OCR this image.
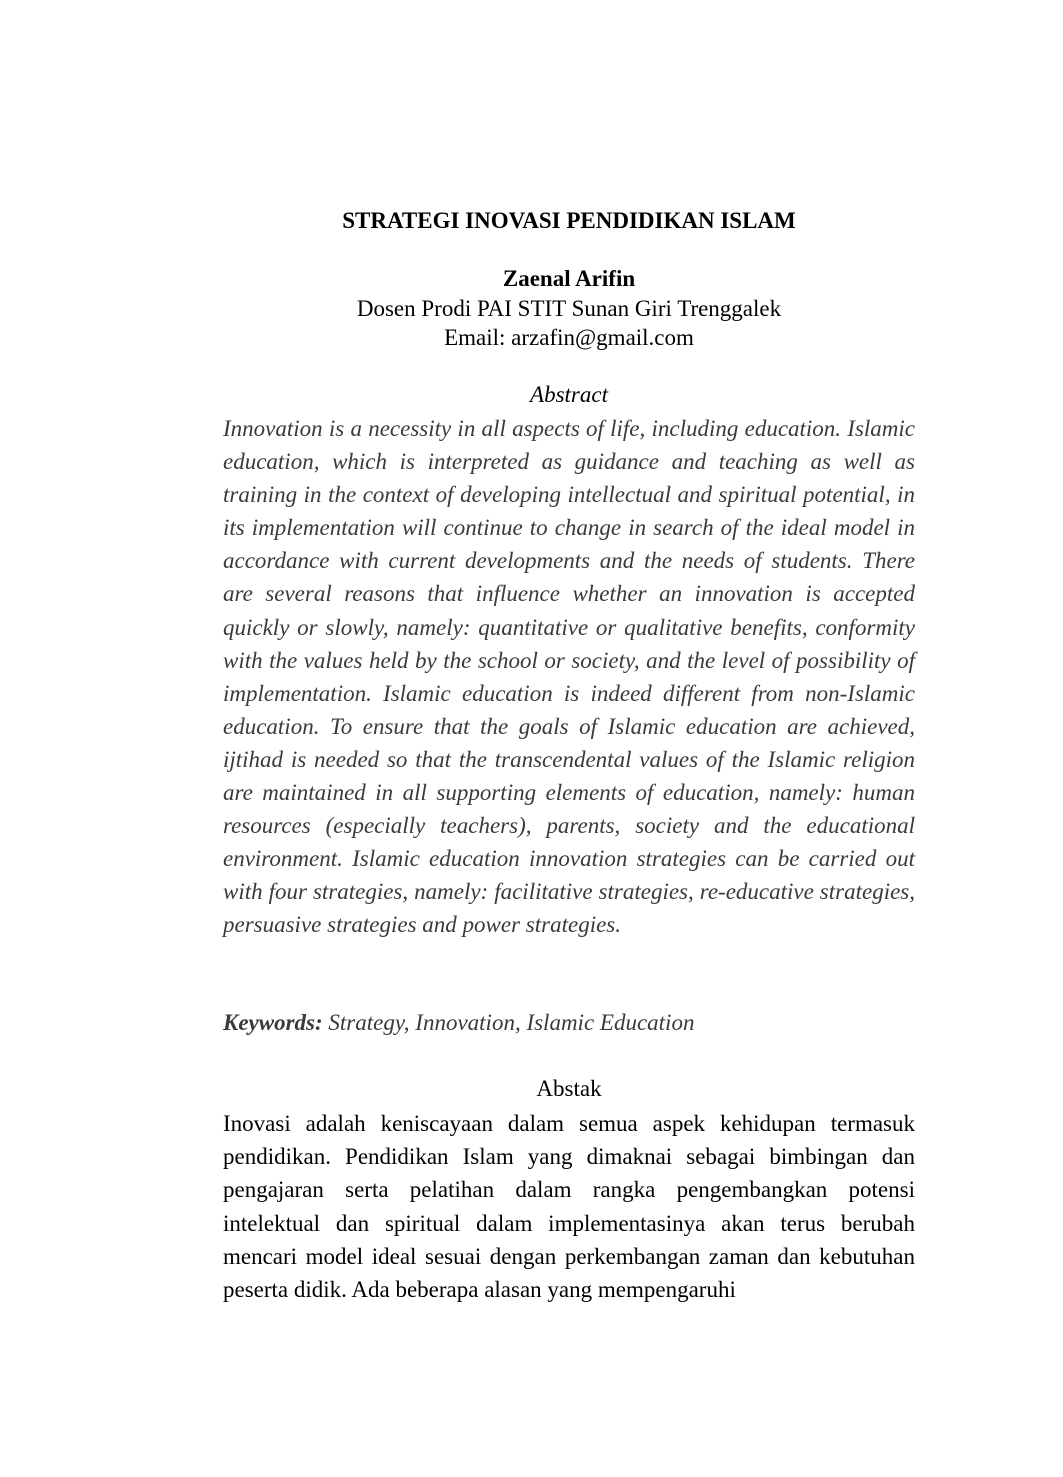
STRATEGI INOVASI PENDIDIKAN ISLAM
Zaenal Arifin
Dosen Prodi PAI STIT Sunan Giri Trenggalek
Email: arzafin@gmail.com
Abstract

Innovation is a necessity in all aspects of life, including education. Islamic education, which is interpreted as guidance and teaching as well as training in the context of developing intellectual and spiritual potential, in its implementation will continue to change in search of the ideal model in accordance with current developments and the needs of students. There are several reasons that influence whether an innovation is accepted quickly or slowly, namely: quantitative or qualitative benefits, conformity with the values held by the school or society, and the level of possibility of implementation. Islamic education is indeed different from non-Islamic education. To ensure that the goals of Islamic education are achieved, ijtihad is needed so that the transcendental values of the Islamic religion are maintained in all supporting elements of education, namely: human resources (especially teachers), parents, society and the educational environment. Islamic education innovation strategies can be carried out with four strategies, namely: facilitative strategies, re-educative strategies, persuasive strategies and power strategies.

Keywords: Strategy, Innovation, Islamic Education
Abstak

Inovasi adalah keniscayaan dalam semua aspek kehidupan termasuk pendidikan. Pendidikan Islam yang dimaknai sebagai bimbingan dan pengajaran serta pelatihan dalam rangka pengembangkan potensi intelektual dan spiritual dalam implementasinya akan terus berubah mencari model ideal sesuai dengan perkembangan zaman dan kebutuhan peserta didik. Ada beberapa alasan yang mempengaruhi
